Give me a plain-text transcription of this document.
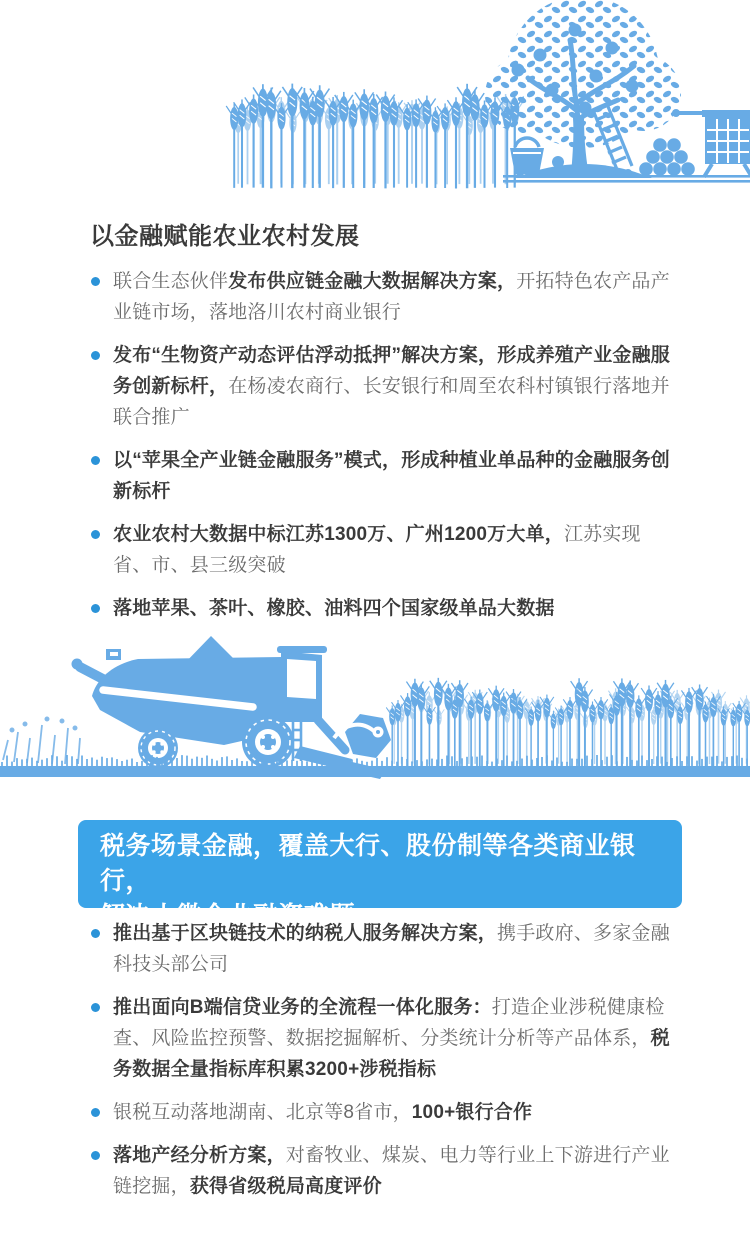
以金融赋能农业农村发展
联合生态伙伴发布供应链金融大数据解决方案，开拓特色农产品产业链市场，落地洛川农村商业银行
发布“生物资产动态评估浮动抵押”解决方案，形成养殖产业金融服务创新标杆，在杨凌农商行、长安银行和周至农科村镇银行落地并联合推广
以“苹果全产业链金融服务”模式，形成种植业单品种的金融服务创新标杆
农业农村大数据中标江苏1300万、广州1200万大单，江苏实现省、市、县三级突破
落地苹果、茶叶、橡胶、油料四个国家级单品大数据
税务场景金融，覆盖大行、股份制等各类商业银行，
解决小微企业融资难题
推出基于区块链技术的纳税人服务解决方案，携手政府、多家金融科技头部公司
推出面向B端信贷业务的全流程一体化服务：打造企业涉税健康检查、风险监控预警、数据挖掘解析、分类统计分析等产品体系，税务数据全量指标库积累3200+涉税指标
银税互动落地湖南、北京等8省市，100+银行合作
落地产经分析方案，对畜牧业、煤炭、电力等行业上下游进行产业链挖掘，获得省级税局高度评价
